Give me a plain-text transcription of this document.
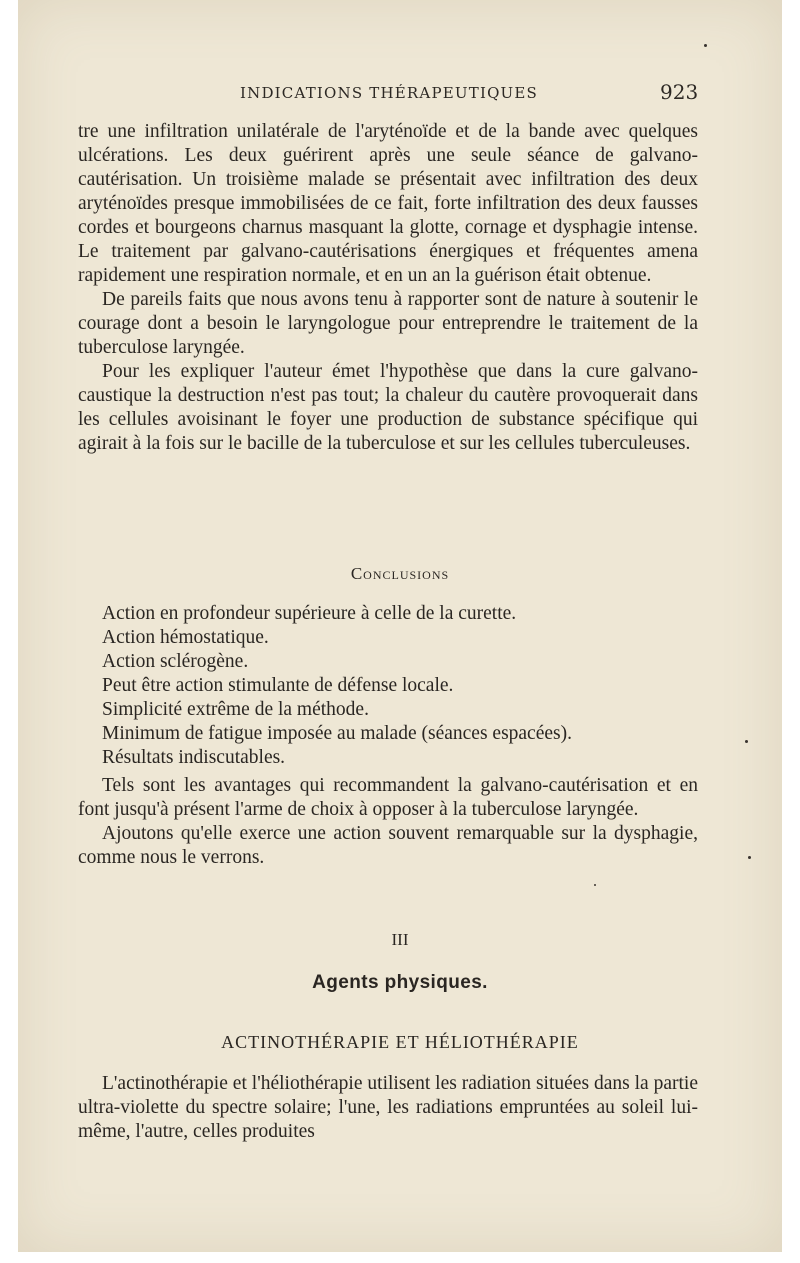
INDICATIONS THÉRAPEUTIQUES	923

tre une infiltration unilatérale de l'aryténoïde et de la bande avec quelques ulcérations. Les deux guérirent après une seule séance de galvano-cautérisation. Un troisième malade se présentait avec infiltration des deux aryténoïdes presque immobilisées de ce fait, forte infiltration des deux fausses cordes et bourgeons charnus masquant la glotte, cornage et dysphagie intense. Le traitement par galvano-cautérisations énergiques et fréquentes amena rapidement une respiration normale, et en un an la guérison était obtenue.

De pareils faits que nous avons tenu à rapporter sont de nature à soutenir le courage dont a besoin le laryngologue pour entreprendre le traitement de la tuberculose laryngée.

Pour les expliquer l'auteur émet l'hypothèse que dans la cure galvano-caustique la destruction n'est pas tout; la chaleur du cautère provoquerait dans les cellules avoisinant le foyer une production de substance spécifique qui agirait à la fois sur le bacille de la tuberculose et sur les cellules tuberculeuses.

Conclusions
Action en profondeur supérieure à celle de la curette.
Action hémostatique.
Action sclérogène.
Peut être action stimulante de défense locale.
Simplicité extrême de la méthode.
Minimum de fatigue imposée au malade (séances espacées).
Résultats indiscutables.

Tels sont les avantages qui recommandent la galvano-cautérisation et en font jusqu'à présent l'arme de choix à opposer à la tuberculose laryngée.

Ajoutons qu'elle exerce une action souvent remarquable sur la dysphagie, comme nous le verrons.

III
Agents physiques.
ACTINOTHÉRAPIE ET HÉLIOTHÉRAPIE

L'actinothérapie et l'héliothérapie utilisent les radiation situées dans la partie ultra-violette du spectre solaire; l'une, les radiations empruntées au soleil lui-même, l'autre, celles produites
